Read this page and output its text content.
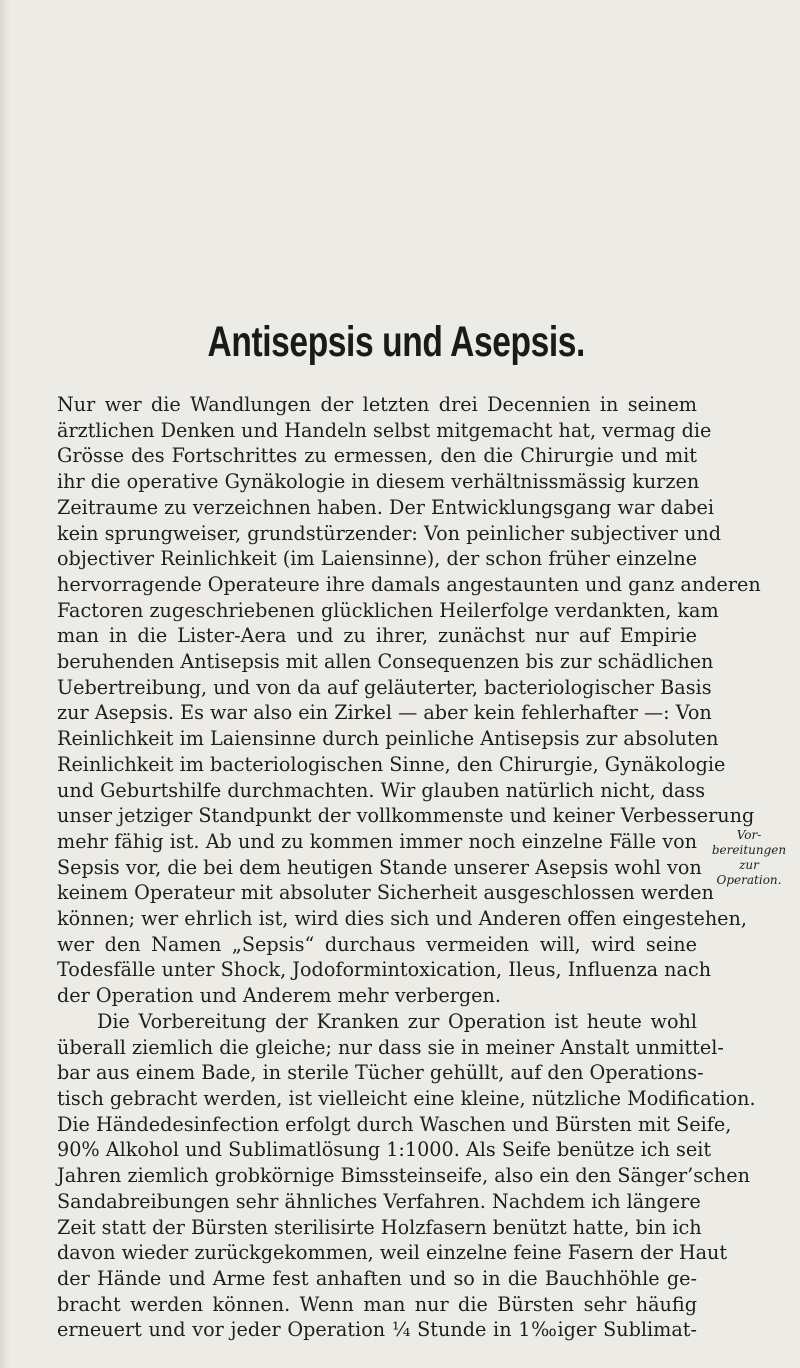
Antisepsis und Asepsis.
Nur wer die Wandlungen der letzten drei Decennien in seinem
ärztlichen Denken und Handeln selbst mitgemacht hat, vermag die
Grösse des Fortschrittes zu ermessen, den die Chirurgie und mit
ihr die operative Gynäkologie in diesem verhältnissmässig kurzen
Zeitraume zu verzeichnen haben. Der Entwicklungsgang war dabei
kein sprungweiser, grundstürzender: Von peinlicher subjectiver und
objectiver Reinlichkeit (im Laiensinne), der schon früher einzelne
hervorragende Operateure ihre damals angestaunten und ganz anderen
Factoren zugeschriebenen glücklichen Heilerfolge verdankten, kam
man in die Lister-Aera und zu ihrer, zunächst nur auf Empirie
beruhenden Antisepsis mit allen Consequenzen bis zur schädlichen
Uebertreibung, und von da auf geläuterter, bacteriologischer Basis
zur Asepsis. Es war also ein Zirkel — aber kein fehlerhafter —: Von
Reinlichkeit im Laiensinne durch peinliche Antisepsis zur absoluten
Reinlichkeit im bacteriologischen Sinne, den Chirurgie, Gynäkologie
und Geburtshilfe durchmachten. Wir glauben natürlich nicht, dass
unser jetziger Standpunkt der vollkommenste und keiner Verbesserung
mehr fähig ist. Ab und zu kommen immer noch einzelne Fälle von
Sepsis vor, die bei dem heutigen Stande unserer Asepsis wohl von
keinem Operateur mit absoluter Sicherheit ausgeschlossen werden
können; wer ehrlich ist, wird dies sich und Anderen offen eingestehen,
wer den Namen „Sepsis“ durchaus vermeiden will, wird seine
Todesfälle unter Shock, Jodoformintoxication, Ileus, Influenza nach
der Operation und Anderem mehr verbergen.
Die Vorbereitung der Kranken zur Operation ist heute wohl
überall ziemlich die gleiche; nur dass sie in meiner Anstalt unmittel-
bar aus einem Bade, in sterile Tücher gehüllt, auf den Operations-
tisch gebracht werden, ist vielleicht eine kleine, nützliche Modification.
Die Händedesinfection erfolgt durch Waschen und Bürsten mit Seife,
90% Alkohol und Sublimatlösung 1:1000. Als Seife benütze ich seit
Jahren ziemlich grobkörnige Bimssteinseife, also ein den Sänger’schen
Sandabreibungen sehr ähnliches Verfahren. Nachdem ich längere
Zeit statt der Bürsten sterilisirte Holzfasern benützt hatte, bin ich
davon wieder zurückgekommen, weil einzelne feine Fasern der Haut
der Hände und Arme fest anhaften und so in die Bauchhöhle ge-
bracht werden können. Wenn man nur die Bürsten sehr häufig
erneuert und vor jeder Operation ¼ Stunde in 1‰iger Sublimat-
Vor-
bereitungen
zur
Operation.
